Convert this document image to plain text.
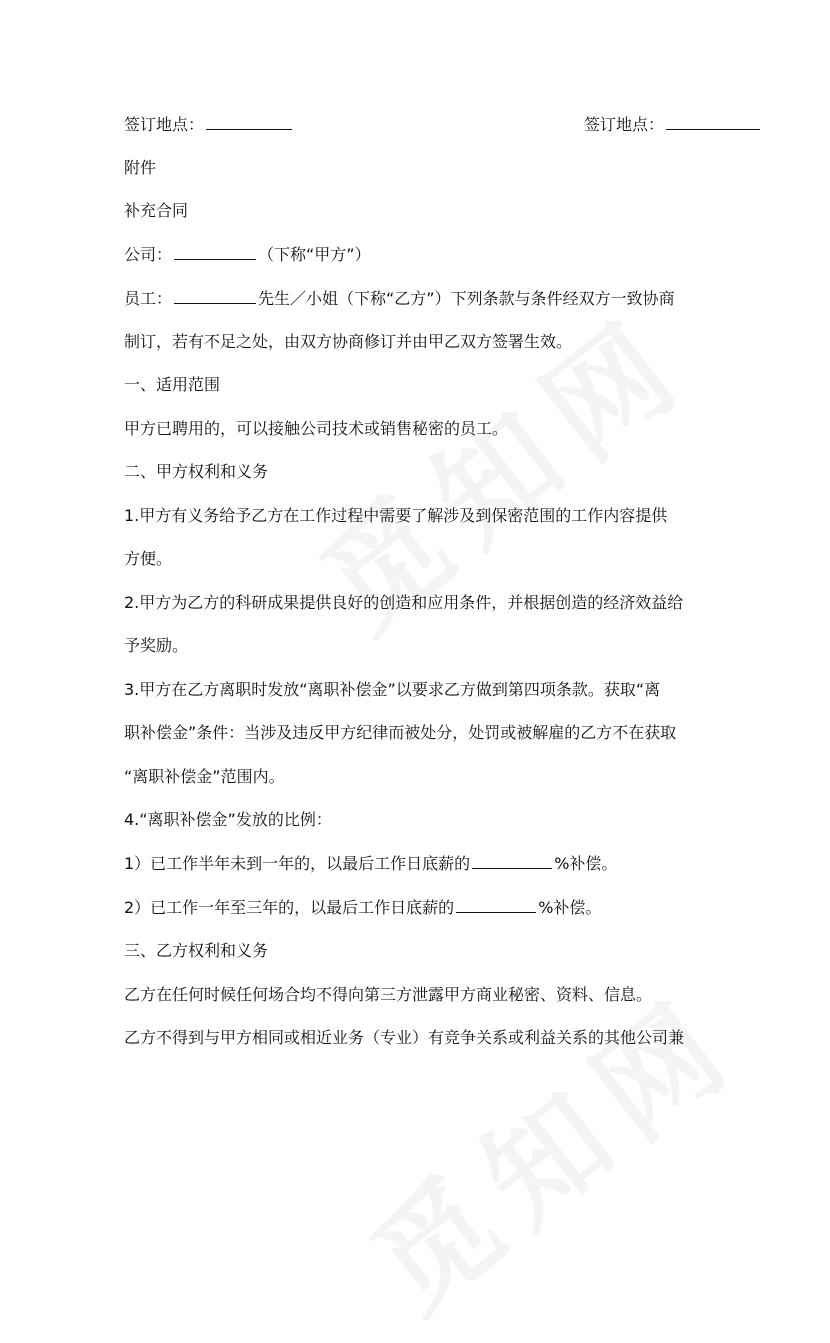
签订地点：	签订地点：
附件
补充合同
公司：	（下称“甲方”）
员工：	先生／小姐（下称“乙方”）下列条款与条件经双方一致协商
制订，若有不足之处，由双方协商修订并由甲乙双方签署生效。
一、适用范围
甲方已聘用的，可以接触公司技术或销售秘密的员工。
二、甲方权利和义务
1.甲方有义务给予乙方在工作过程中需要了解涉及到保密范围的工作内容提供
方便。
2.甲方为乙方的科研成果提供良好的创造和应用条件，并根据创造的经济效益给
予奖励。
3.甲方在乙方离职时发放“离职补偿金”以要求乙方做到第四项条款。获取“离
职补偿金”条件：当涉及违反甲方纪律而被处分，处罚或被解雇的乙方不在获取
“离职补偿金”范围内。
4.“离职补偿金”发放的比例：
1）已工作半年未到一年的，以最后工作日底薪的	%补偿。
2）已工作一年至三年的，以最后工作日底薪的	%补偿。
三、乙方权利和义务
乙方在任何时候任何场合均不得向第三方泄露甲方商业秘密、资料、信息。
乙方不得到与甲方相同或相近业务（专业）有竞争关系或利益关系的其他公司兼
